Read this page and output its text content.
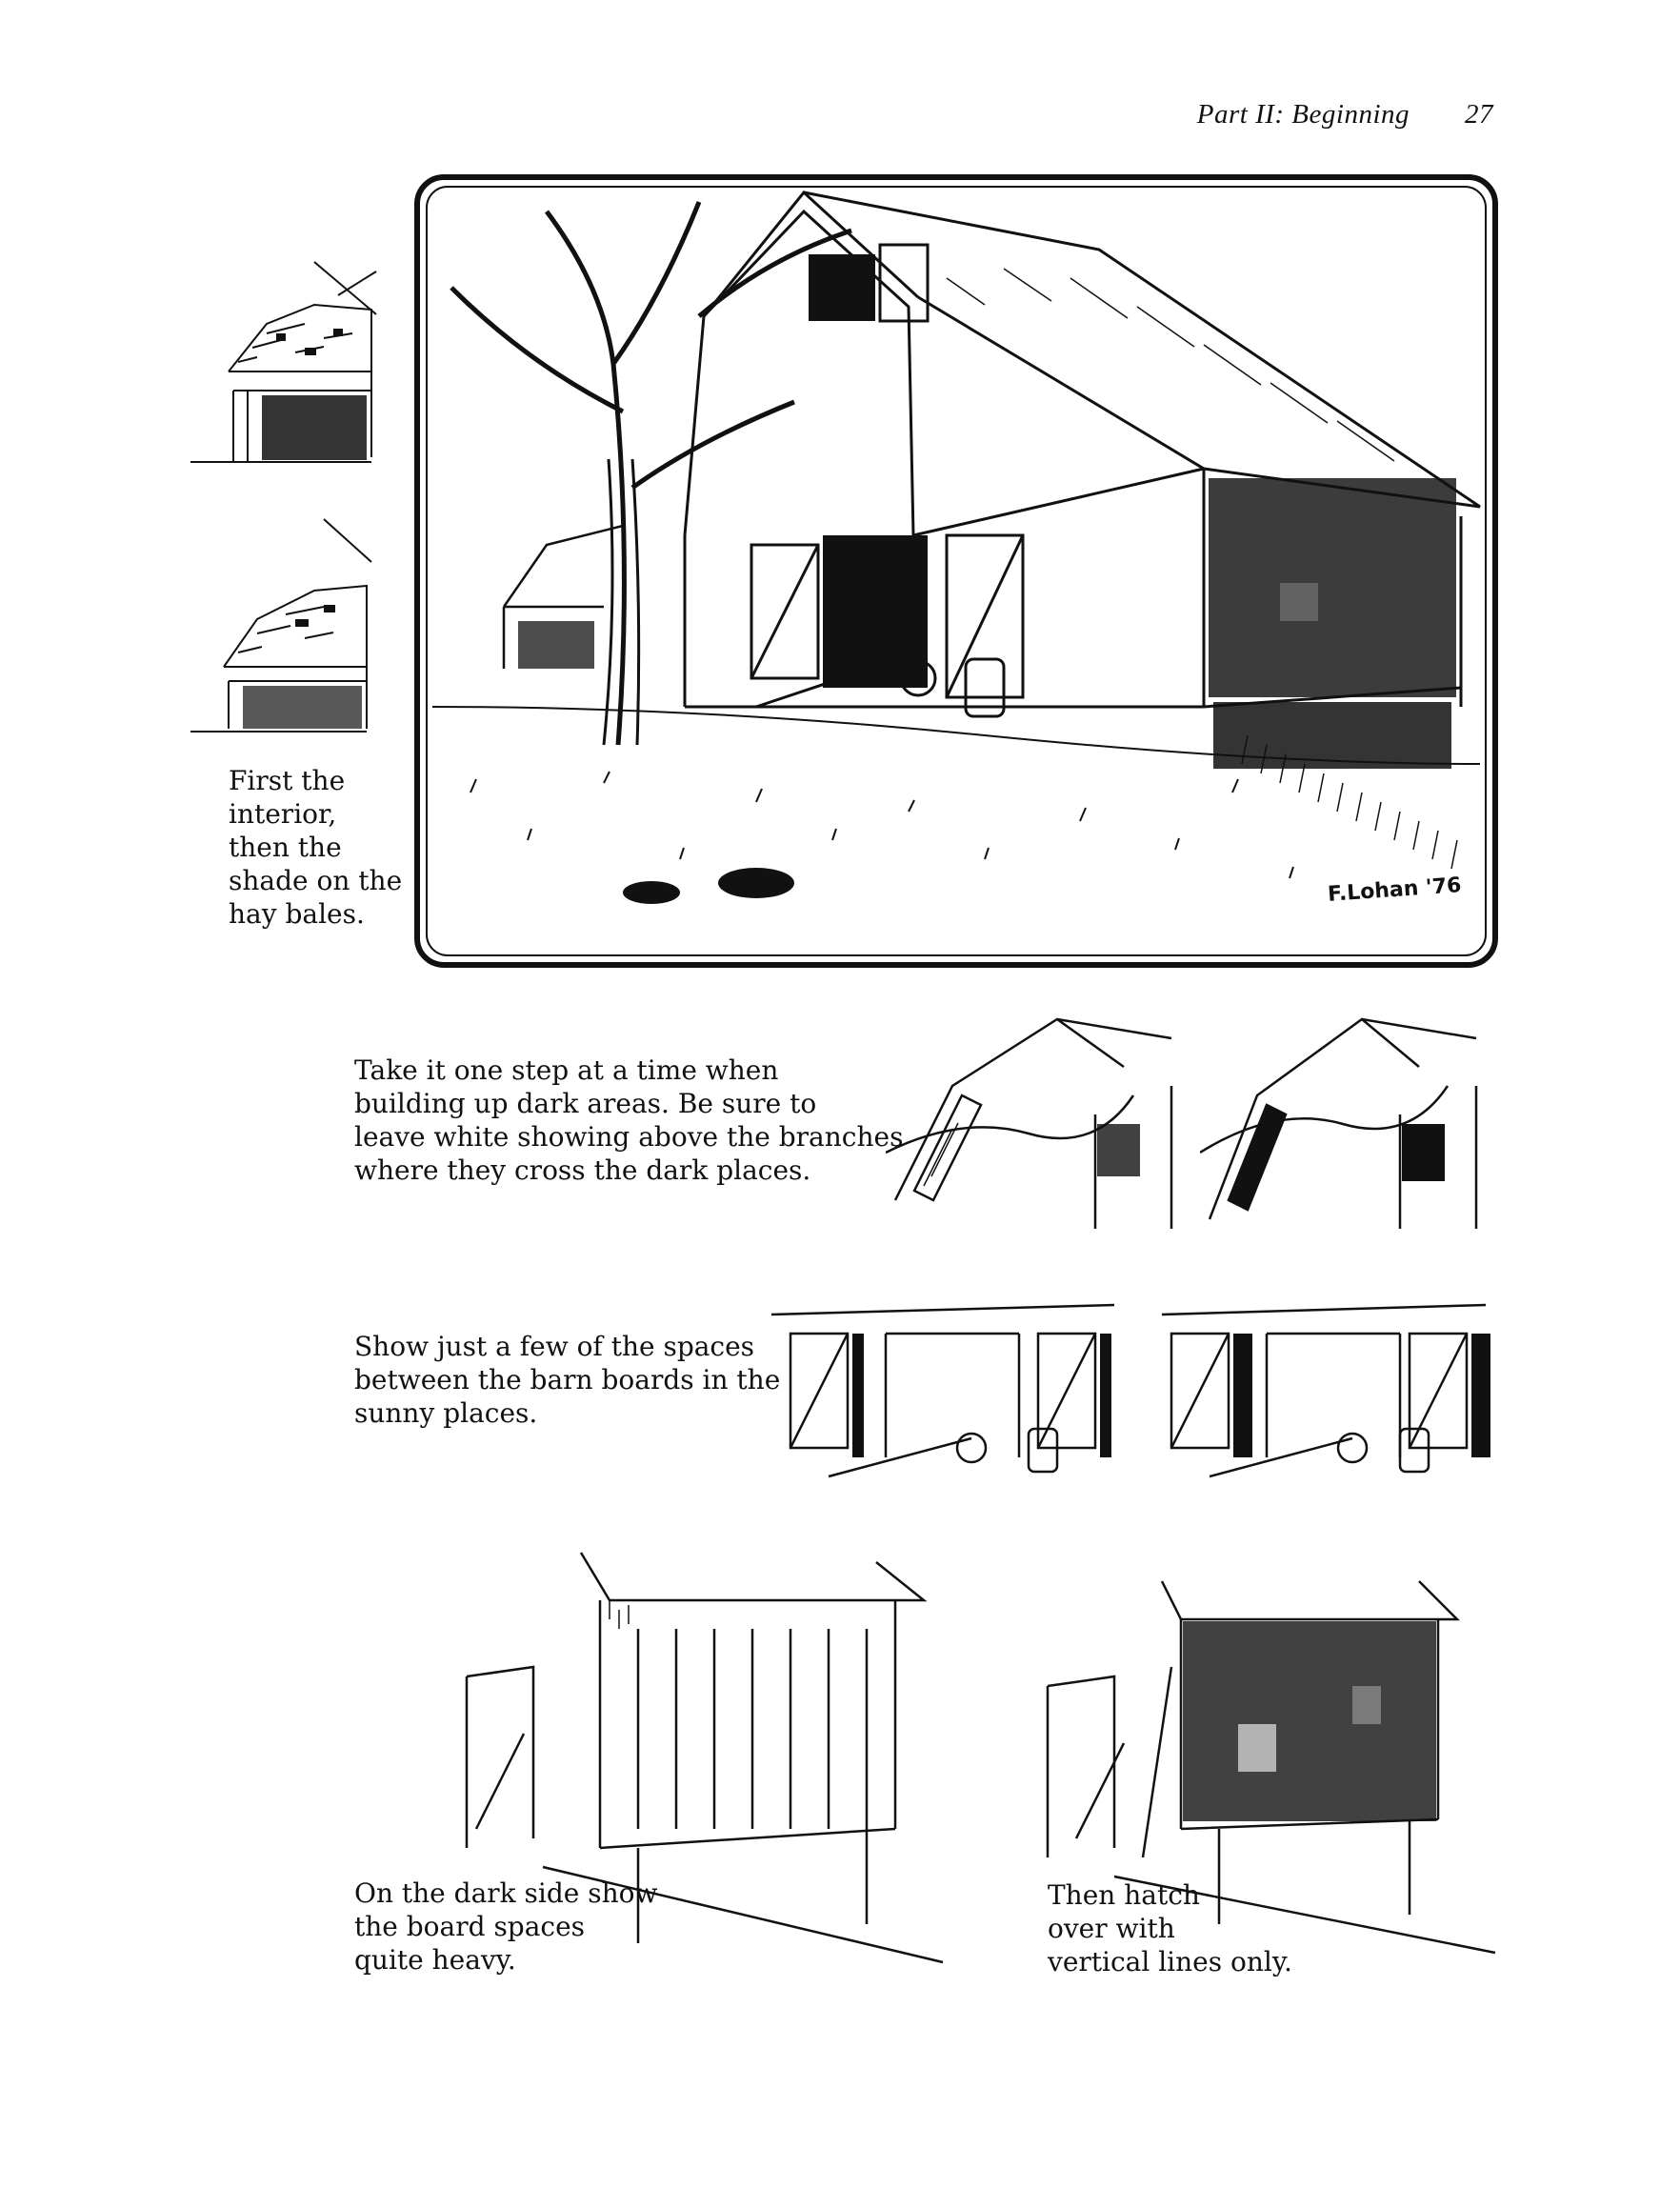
Part II: Beginning 27
First the
interior,
then the
shade on the
hay bales.
F.Lohan '76
Take it one step at a time when
building up dark areas. Be sure to
leave white showing above the branches
where they cross the dark places.
Show just a few of the spaces
between the barn boards in the
sunny places.
On the dark side show
the board spaces
quite heavy.
Then hatch
over with
vertical lines only.
